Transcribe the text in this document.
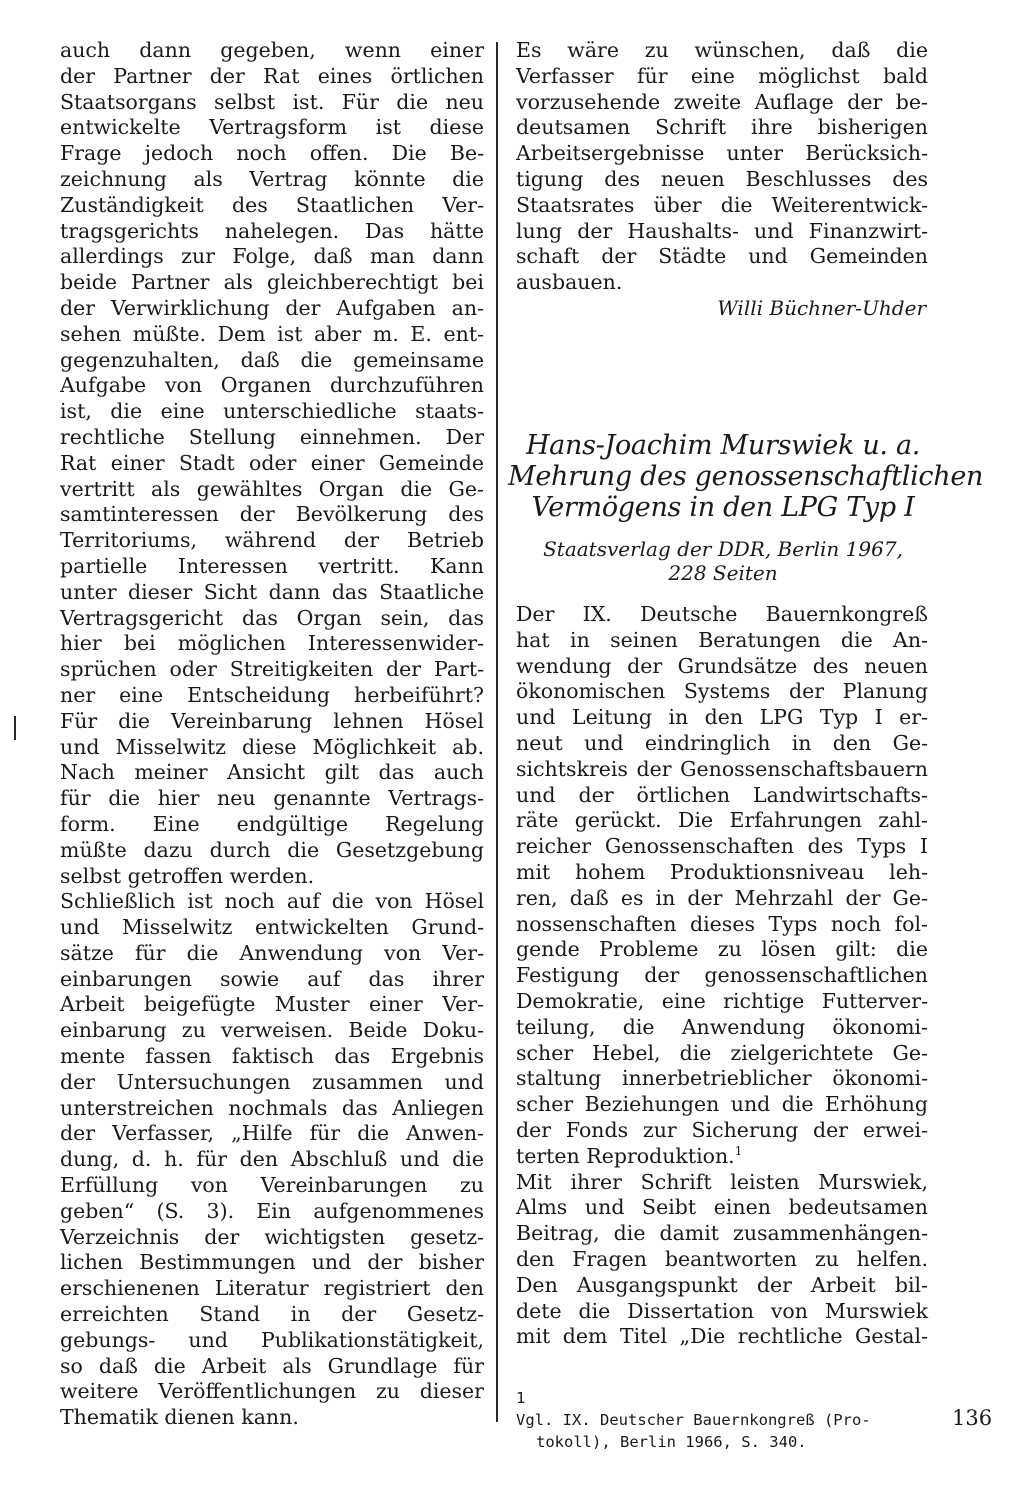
auch dann gegeben, wenn einer
der Partner der Rat eines örtlichen
Staatsorgans selbst ist. Für die neu
entwickelte Vertragsform ist diese
Frage jedoch noch offen. Die Be-
zeichnung als Vertrag könnte die
Zuständigkeit des Staatlichen Ver-
tragsgerichts nahelegen. Das hätte
allerdings zur Folge, daß man dann
beide Partner als gleichberechtigt bei
der Verwirklichung der Aufgaben an-
sehen müßte. Dem ist aber m. E. ent-
gegenzuhalten, daß die gemeinsame
Aufgabe von Organen durchzuführen
ist, die eine unterschiedliche staats-
rechtliche Stellung einnehmen. Der
Rat einer Stadt oder einer Gemeinde
vertritt als gewähltes Organ die Ge-
samtinteressen der Bevölkerung des
Territoriums, während der Betrieb
partielle Interessen vertritt. Kann
unter dieser Sicht dann das Staatliche
Vertragsgericht das Organ sein, das
hier bei möglichen Interessenwider-
sprüchen oder Streitigkeiten der Part-
ner eine Entscheidung herbeiführt?
Für die Vereinbarung lehnen Hösel
und Misselwitz diese Möglichkeit ab.
Nach meiner Ansicht gilt das auch
für die hier neu genannte Vertrags-
form. Eine endgültige Regelung
müßte dazu durch die Gesetzgebung
selbst getroffen werden.
Schließlich ist noch auf die von Hösel
und Misselwitz entwickelten Grund-
sätze für die Anwendung von Ver-
einbarungen sowie auf das ihrer
Arbeit beigefügte Muster einer Ver-
einbarung zu verweisen. Beide Doku-
mente fassen faktisch das Ergebnis
der Untersuchungen zusammen und
unterstreichen nochmals das Anliegen
der Verfasser, „Hilfe für die Anwen-
dung, d. h. für den Abschluß und die
Erfüllung von Vereinbarungen zu
geben“ (S. 3). Ein aufgenommenes
Verzeichnis der wichtigsten gesetz-
lichen Bestimmungen und der bisher
erschienenen Literatur registriert den
erreichten Stand in der Gesetz-
gebungs- und Publikationstätigkeit,
so daß die Arbeit als Grundlage für
weitere Veröffentlichungen zu dieser
Thematik dienen kann.
Es wäre zu wünschen, daß die
Verfasser für eine möglichst bald
vorzusehende zweite Auflage der be-
deutsamen Schrift ihre bisherigen
Arbeitsergebnisse unter Berücksich-
tigung des neuen Beschlusses des
Staatsrates über die Weiterentwick-
lung der Haushalts- und Finanzwirt-
schaft der Städte und Gemeinden
ausbauen.
Willi Büchner-Uhder
Hans-Joachim Murswiek u. a.
Mehrung des genossenschaftlichen
Vermögens in den LPG Typ I
Staatsverlag der DDR, Berlin 1967,
228 Seiten
Der IX. Deutsche Bauernkongreß
hat in seinen Beratungen die An-
wendung der Grundsätze des neuen
ökonomischen Systems der Planung
und Leitung in den LPG Typ I er-
neut und eindringlich in den Ge-
sichtskreis der Genossenschaftsbauern
und der örtlichen Landwirtschafts-
räte gerückt. Die Erfahrungen zahl-
reicher Genossenschaften des Typs I
mit hohem Produktionsniveau leh-
ren, daß es in der Mehrzahl der Ge-
nossenschaften dieses Typs noch fol-
gende Probleme zu lösen gilt: die
Festigung der genossenschaftlichen
Demokratie, eine richtige Futterver-
teilung, die Anwendung ökonomi-
scher Hebel, die zielgerichtete Ge-
staltung innerbetrieblicher ökonomi-
scher Beziehungen und die Erhöhung
der Fonds zur Sicherung der erwei-
terten Reproduktion.$^1$
Mit ihrer Schrift leisten Murswiek,
Alms und Seibt einen bedeutsamen
Beitrag, die damit zusammenhängen-
den Fragen beantworten zu helfen.
Den Ausgangspunkt der Arbeit bil-
dete die Dissertation von Murswiek
mit dem Titel „Die rechtliche Gestal-
1
Vgl. IX. Deutscher Bauernkongreß (Pro-
tokoll), Berlin 1966, S. 340.
136
